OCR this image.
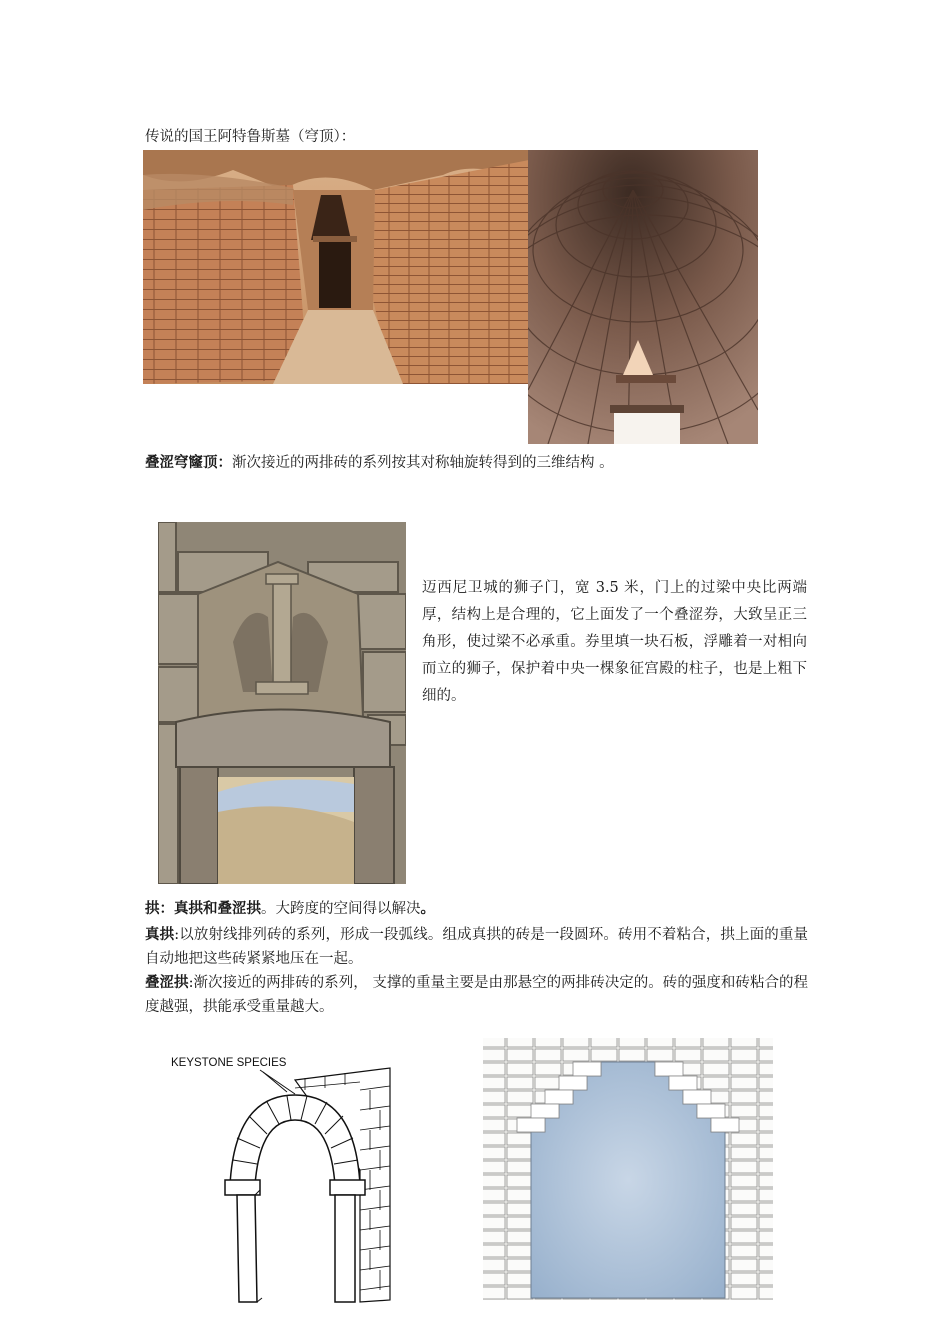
传说的国王阿特鲁斯墓（穹顶）：
叠涩穹窿顶：渐次接近的两排砖的系列按其对称轴旋转得到的三维结构 。
迈西尼卫城的狮子门，宽 3.5 米，门上的过梁中央比两端厚，结构上是合理的，它上面发了一个叠涩券，大致呈正三角形，使过梁不必承重。券里填一块石板，浮雕着一对相向而立的狮子，保护着中央一棵象征宫殿的柱子，也是上粗下细的。
拱：真拱和叠涩拱。大跨度的空间得以解决。
真拱:以放射线排列砖的系列，形成一段弧线。组成真拱的砖是一段圆环。砖用不着粘合，拱上面的重量自动地把这些砖紧紧地压在一起。
叠涩拱:渐次接近的两排砖的系列， 支撑的重量主要是由那悬空的两排砖决定的。砖的强度和砖粘合的程度越强，拱能承受重量越大。
KEYSTONE SPECIES
